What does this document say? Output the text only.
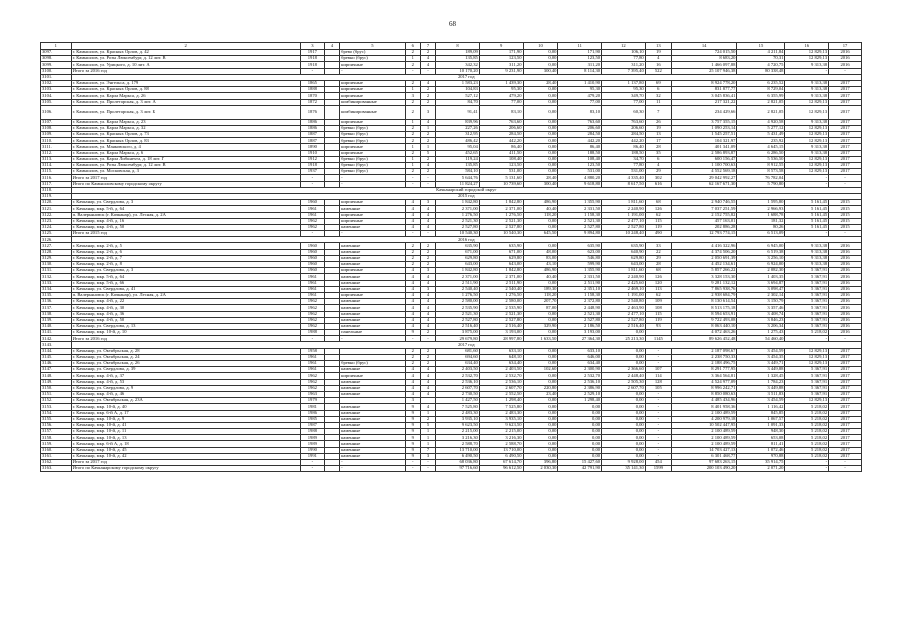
68
1	2	3	4	5	6	7	8	9	10	11	12	13	14	15	16	17
3097.	г. Камышлов, ул. Красных Орлов, д. 42	1917		брево (брус)	2	2	189,09	171,90	0,00	171,90	106,10	19	724 015,50	4 211,84	12 829,13	2016
3098.	г. Камышлов, ул. Розы Люксембург, д. 12 лит. В	1918		бревно (брус)	1	4	135,85	123,50	0,00	123,50	77,80	4	8 683,20	70,31	12 829,13	2016
3099.	г. Камышлов, ул. Урицкого, д. 10 лит. А	1918		кирпичные	2	4	342,32	311,20	0,00	311,20	311,20	16	1 466 097,88	4 720,75	9 313,38	2016
3100.	Итого за 2016 год	-		-	-	-	10 170,20	9 231,90	300,40	8 114,30	7 395,40	522	25 107 946,38	80 338,48	-	-
3101.	2017 год															
3102.	г. Камышлов, ул. Энгельса, д. 179	1865		кирпичные	2	4	1 583,23	1 439,30	28,40	1 410,90	1 137,80	69	8 924 778,20	6 235,52	9 313,38	2017
3103.	г. Камышлов, ул. Красных Орлов, д. 88	1888		кирпичные	1	2	104,83	95,30	0,00	95,30	95,30	6	831 877,77	8 729,04	9 313,38	2017
3104.	г. Камышлов, ул. Карла Маркса, д. 26	1870		кирпичные	3	2	527,12	479,20	0,00	479,20	349,70	32	3 045 836,41	6 355,99	9 313,38	2017
3105.	г. Камышлов, ул. Пролетарская, д. 3 лит. А	1872		комбинированные	2	2	84,70	77,00	0,00	77,00	77,00	11	217 321,22	2 821,05	12 829,13	2017
3106.	г. Камышлов, ул. Пролетарская, д. 3 лит. Б	1876		комбинированные	2	3	91,41	83,10	0,00	83,10	60,30	7	234 429,66	2 821,05	12 829,13	2017
3107.	г. Камышлов, ул. Карла Маркса, д. 23	1886		кирпичные	1	4	839,96	763,60	0,00	763,60	763,60	26	3 757 355,15	4 920,58	9 313,38	2017
3108.	г. Камышлов, ул. Карла Маркса, д. 32	1886		бревно (брус)	2	1	227,26	206,60	0,00	206,60	206,60	19	1 090 253,14	5 277,12	12 829,13	2017
3109.	г. Камышлов, ул. Красных Орлов, д. 73	1887		бревно (брус)	2	2	312,95	284,50	0,00	284,50	284,50	13	1 545 257,51	5 431,49	12 829,13	2017
3110.	г. Камышлов, ул. Красных Орлов, д. 83	1887		бревно (брус)	2	2	486,42	442,20	0,00	442,20	442,20	17	104 321,97	235,92	12 829,13	2017
3111.	г. Камышлов, ул. Маяковского, д. 4	1890		кирпичные	1	1	95,04	86,40	0,00	86,40	86,40	28	401 341,09	4 645,15	9 313,38	2017
3112.	г. Камышлов, ул. Карла Маркса, д. 6	1910		кирпичные	2	5	452,65	411,50	0,00	188,50	188,50	35	2 586 893,87	6 286,50	9 313,38	2017
3113.	г. Камышлов, ул. Карла Либкнехта, д. 18 лит. Г	1912		бревно (брус)	1	2	119,24	108,40	0,00	108,40	34,70	6	600 156,47	5 536,50	12 829,13	2017
3114.	г. Камышлов, ул. Розы Люксембург, д. 12 лит. В	1918		бревно (брус)	1	4	135,85	123,50	0,00	123,50	77,80	4	1 100 700,63	8 912,55	12 829,13	2017
3115.	г. Камышлов, ул. Московская, д. 3	1937		бревно (брус)	2	2	584,10	531,00	0,00	531,00	531,00	29	4 552 569,18	8 573,58	12 829,13	2017
3116.	Итого за 2017 год	-		-	-	-	5 644,76	5 131,60	28,40	4 880,20	4 335,40	302	29 042 992,27	76 782,04	-	-
3117.	Итого по Камышловскому городскому округу	-		-	-	-	11 824,27	10 739,60	300,40	9 618,80	8 617,50	616	62 167 671,30	5 790,80	-	-
3118.	Качканарский городской округ															
3119.	2015 год															
3120.	г. Качканар, ул. Свердлова, д. 3	1960		кирпичные	4	3	1 842,80	1 842,80	486,90	1 355,90	1 811,60	68	2 940 746,55	1 595,80	5 161,45	2015
3121.	г. Качканар, мкр. 5-й, д. 64	1961		каменные	4	4	2 371,00	2 371,00	40,40	2 331,50	2 240,90	126	7 037 251,59	2 966,93	5 161,45	2015
3122.	п. Валерьяновск (г. Качканар), ул. Лесная, д. 2А	1961		кирпичные	4	4	1 276,50	1 276,50	118,20	1 158,30	1 191,00	62	2 152 755,82	1 688,78	5 161,45	2015
3123.	г. Качканар, мкр. 4-й, д. 16	1962		кирпичные	4	4	2 521,30	2 521,30	0,00	2 521,30	2 477,10	115	457 163,01	181,32	5 161,45	2015
3124.	г. Качканар, мкр. 4-й, д. 50	1962		каменные	4	4	2 527,80	2 527,80	0,00	2 527,80	2 527,80	119	202 886,28	80,26	5 161,45	2015
3125.	Итого за 2015 год	-		-	-	-	10 540,30	10 540,30	645,50	9 894,80	10 248,40	490	12 793 774,15	6 513,09	-	-
3126.	2016 год															
3127.	г. Качканар, мкр. 2-й, д. 5	1960		каменные	2	2	635,90	635,90	0,00	635,90	635,90	33	4 416 322,96	6 945,00	9 313,38	2016
3128.	г. Качканар, мкр. 2-й, д. 6	1960		каменные	2	2	671,00	671,00	48,00	623,00	640,90	22	4 374 506,20	6 519,38	9 313,38	2016
3129.	г. Качканар, мкр. 2-й, д. 7	1960		каменные	2	2	629,80	629,80	83,00	546,80	629,80	29	2 050 691,39	3 256,10	9 313,38	2016
3130.	г. Качканар, мкр. 2-й, д. 8	1960		каменные	2	2	643,00	643,00	43,10	599,90	643,00	28	4 452 134,61	6 924,00	9 313,38	2016
3131.	г. Качканар, ул. Свердлова, д. 3	1960		кирпичные	4	3	1 842,80	1 842,80	486,90	1 355,90	1 811,60	68	5 857 266,22	2 082,30	5 367,91	2016
3132.	г. Качканар, мкр. 5-й, д. 64	1961		каменные	4	4	2 371,00	2 371,00	40,40	2 331,50	2 240,90	126	3 328 153,30	1 403,35	5 367,91	2016
3133.	г. Качканар, мкр. 5-й, д. 66	1961		каменные	4	4	2 511,90	2 511,90	0,00	2 511,90	2 425,60	120	9 281 132,12	3 694,87	5 367,91	2016
3134.	г. Качканар, ул. Свердлова, д. 41	1961		каменные	4	3	2 540,40	2 540,40	189,30	2 351,10	2 469,10	113	7 865 938,76	3 098,47	5 367,91	2016
3135.	п. Валерьяновск (г. Качканар), ул. Лесная, д. 2А	1961		кирпичные	4	4	1 276,50	1 276,50	118,20	1 158,30	1 191,00	62	2 938 684,79	2 302,14	5 367,91	2016
3136.	г. Качканар, мкр. 4-й, д. 22	1962		каменные	4	4	2 580,00	2 580,00	207,70	2 372,80	2 540,80	109	8 130 614,54	3 150,79	5 367,91	2016
3137.	г. Качканар, мкр. 4-й, д. 30	1962		каменные	4	4	2 535,90	2 535,90	87,00	2 448,90	2 463,90	108	8 513 175,18	3 357,46	5 367,91	2016
3138.	г. Качканар, мкр. 4-й, д. 36	1962		каменные	4	4	2 521,30	2 521,30	0,00	2 521,30	2 477,10	115	8 594 653,91	3 408,74	5 367,91	2016
3139.	г. Качканар, мкр. 4-й, д. 50	1962		каменные	4	4	2 527,80	2 527,80	0,00	2 527,80	2 527,80	119	9 722 493,08	3 846,23	5 367,91	2016
3140.	г. Качканар, ул. Свердлова, д. 13	1962		каменные	4	4	2 516,40	2 516,40	329,90	2 186,50	2 516,40	93	8 063 440,10	3 206,34	5 367,91	2016
3141.	г. Качканар, мкр. 10-й, д. 10	1988		панельные	9	2	3 875,00	3 193,00	0,00	3 193,00	0,00		4 072 463,26	1 275,43	5 218,02	2016
3142.	Итого за 2016 год	-		-	-	-	29 679,80	28 997,80	1 633,50	27 364,30	25 213,30	1145	89 626 452,48	54 460,40	-	-
3143.	2017 год															
3144.	г. Качканар, ул. Октябрьская, д. 28	1958			2	2	681,60	633,10	0,00	633,10	0,00	-	2 187 098,67	3 454,59	12 829,13	2017
3145.	г. Качканар, ул. Октябрьская, д. 24	1961			2	2	694,60	648,10	0,00	646,00	0,00	-	2 238 750,33	3 454,35	12 829,13	2017
3146.	г. Качканар, ул. Октябрьская, д. 26	1961		бревно (брус)	2	2	634,40	634,40	0,00	634,40	0,00	-	2 188 496,75	3 449,71	12 829,13	2017
3147.	г. Качканар, ул. Свердлова, д. 39	1961		каменные	4	4	2 403,50	2 403,50	102,60	2 300,90	2 366,60	107	8 291 777,95	3 449,88	5 367,91	2017
3148.	г. Качканар, мкр. 4-й, д. 37	1962		кирпичные	4	4	2 532,70	2 532,70	0,00	2 532,70	2 448,40	114	3 364 564,81	1 328,45	5 367,91	2017
3149.	г. Качканар, мкр. 4-й, д. 53	1962		каменные	4	4	2 536,10	2 536,10	0,00	2 536,10	2 505,30	128	4 524 977,09	1 784,23	5 367,91	2017
3150.	г. Качканар, ул. Свердлова, д. 9	1962		каменные	4	4	2 607,70	2 607,70	220,80	2 386,90	2 607,70	105	8 996 242,71	3 449,88	5 367,91	2017
3151.	г. Качканар, мкр. 4-й, д. 46	1963		каменные	4	4	2 730,50	2 552,50	23,40	2 529,10	0,00	-	8 850 080,63	3 511,83	5 367,91	2017
3152.	г. Качканар, ул. Октябрьская, д. 23А	1979			3		1 427,50	1 298,40	0,00	1 298,40	0,00	-	4 485 434,96	3 454,59	12 829,13	2017
3153.	г. Качканар, мкр. 10-й, д. 40	1981		каменные	9	4	7 525,80	7 525,80	0,00	0,00	0,00	-	8 401 958,36	1 116,42	5 218,02	2017
3154.	г. Качканар, мкр. 6-й А, д. 17	1986		каменные	9	1	2 483,30	2 483,30	0,00	0,00	0,00	-	2 100 489,59	845,85	5 218,02	2017
3155.	г. Качканар, мкр. 10-й, д. 9	1985		каменные	9	2	3 935,10	3 935,10	0,00	0,00	0,00	-	4 200 979,18	1 067,57	5 218,02	2017
3156.	г. Качканар, мкр. 10-й, д. 41	1987		каменные	9	5	9 623,50	9 623,50	0,00	0,00	0,00	-	10 502 447,95	1 091,33	5 218,02	2017
3157.	г. Качканар, мкр. 10-й, д. 11	1988		каменные	9	1	2 215,00	2 215,00	0,00	0,00	0,00	-	2 100 489,59	948,30	5 218,02	2017
3158.	г. Качканар, мкр. 10-й, д. 13	1989		каменные	9	1	3 216,30	3 216,30	0,00	0,00	0,00	-	2 100 489,59	653,08	5 218,02	2017
3159.	г. Качканар, мкр. 6-й А, д. 18	1989		каменные	9	1	2 588,70	2 588,70	0,00	0,00	0,00	-	2 100 489,59	811,41	5 218,02	2017
3160.	г. Качканар, мкр. 10-й, д. 45	1990		каменные	9	7	13 710,00	13 710,00	0,00	0,00	0,00	-	14 703 427,13	1 072,46	5 218,02	2017
3161.	г. Качканар, мкр. 10-й, д. 42	1991		каменные	9	3	6 490,50	6 490,50	0,00	0,00	0,00	-	6 301 468,77	970,88	5 218,02	2017
3162.	Итого за 2017 год	-		-	-	-	68 036,80	67 614,70	396,80	15 427,60	9 928,00	454	97 683 263,15	35 914,75	-	-
3163.	Итого по Качканарскому городскому округу	-		-	-	-	97 716,60	96 612,50	2 030,30	42 791,90	35 141,30	1599	200 103 490,20	2 071,20	-	-
